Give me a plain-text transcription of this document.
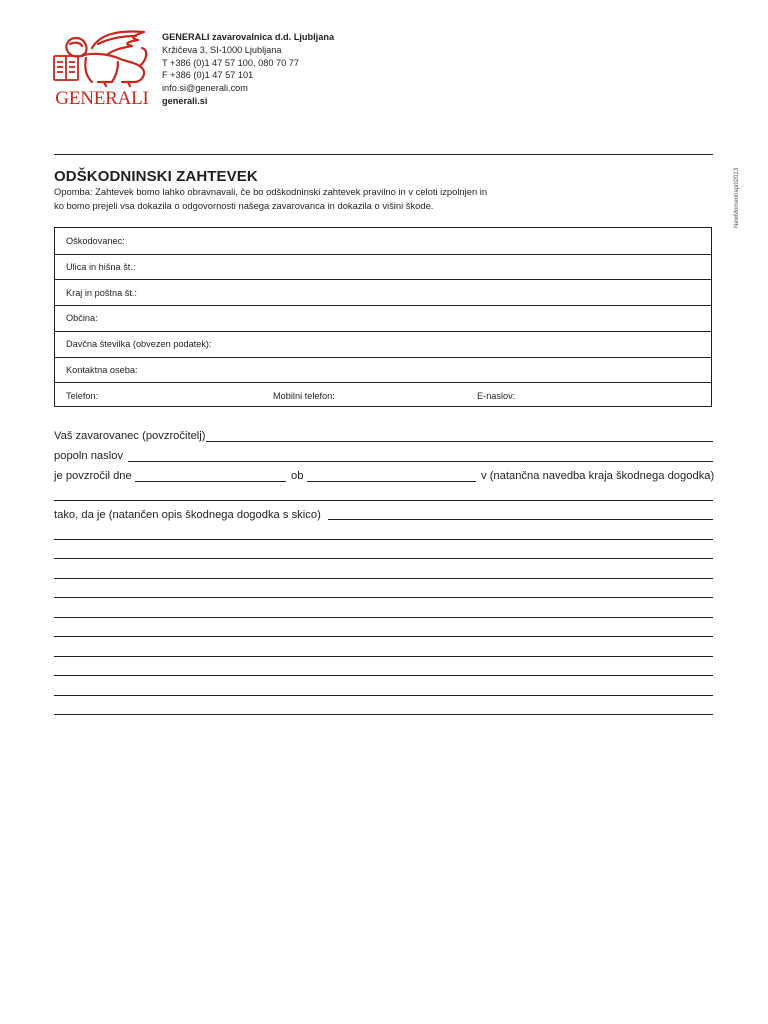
GENERALI
GENERALI zavarovalnica d.d. Ljubljana
Kržičeva 3, SI-1000 Ljubljana
T +386 (0)1 47 57 100, 080 70 77
F +386 (0)1 47 57 101
info.si@generali.com
generali.si
NewMoment/april2013
ODŠKODNINSKI ZAHTEVEK
Opomba: Zahtevek bomo lahko obravnavali, če bo odškodninski zahtevek pravilno in v celoti izpolnjen in
ko bomo prejeli vsa dokazila o odgovornosti našega zavarovanca in dokazila o višini škode.
Oškodovanec:
Ulica in hišna št.:
Kraj in poštna št.:
Občina:
Davčna številka (obvezen podatek):
Kontaktna oseba:
Telefon:	Mobilni telefon:	E-naslov:
Vaš zavarovanec (povzročitelj)
popoln naslov
je povzročil dne	ob	v (natančna navedba kraja škodnega dogodka)
tako, da je (natančen opis škodnega dogodka s skico)
